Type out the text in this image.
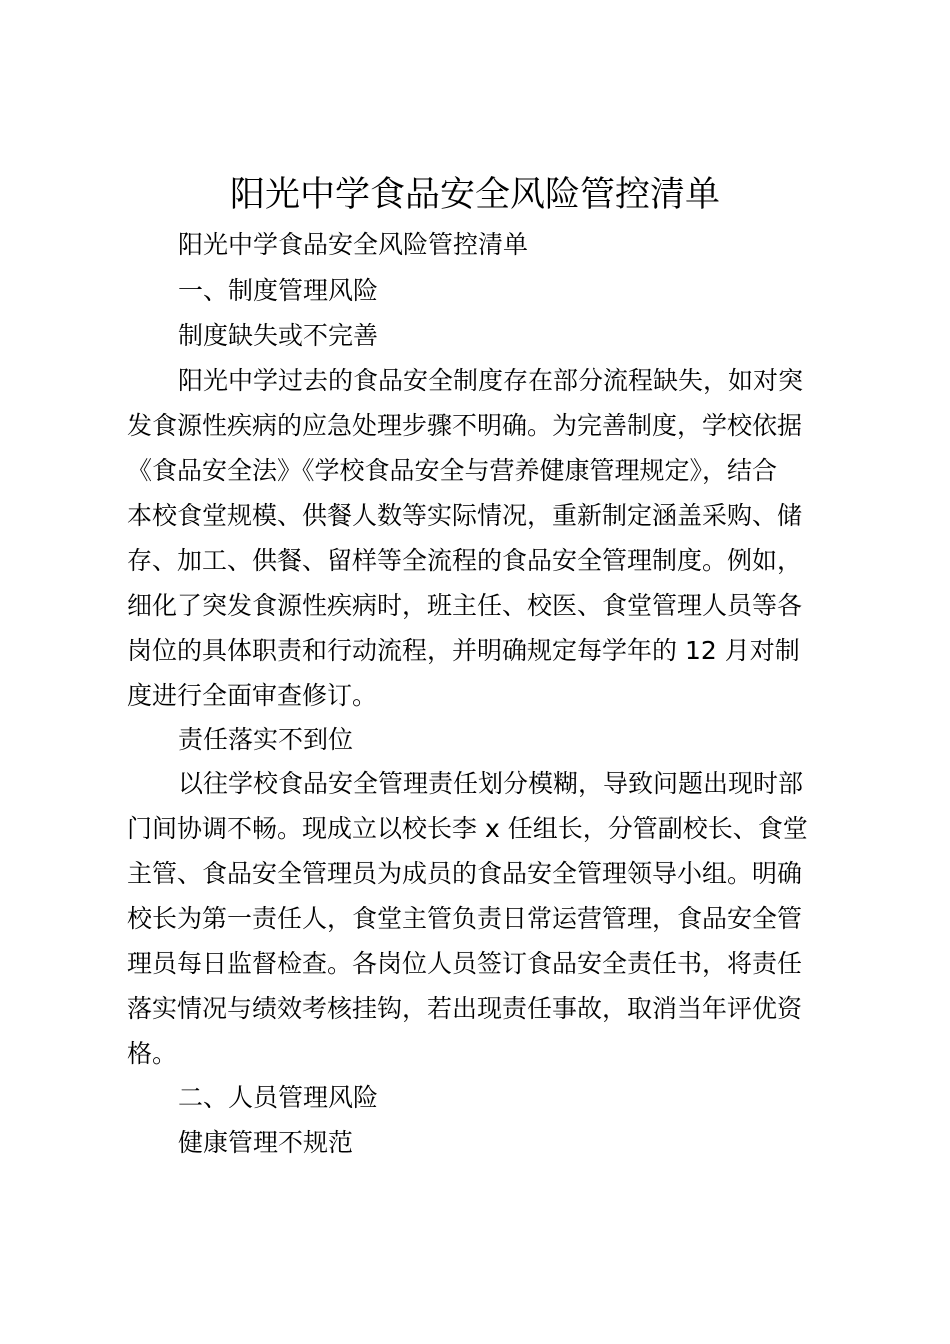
阳光中学食品安全风险管控清单
阳光中学食品安全风险管控清单
一、制度管理风险
制度缺失或不完善
阳光中学过去的食品安全制度存在部分流程缺失，如对突
发食源性疾病的应急处理步骤不明确。为完善制度，学校依据
《食品安全法》《学校食品安全与营养健康管理规定》，结合
本校食堂规模、供餐人数等实际情况，重新制定涵盖采购、储
存、加工、供餐、留样等全流程的食品安全管理制度。例如，
细化了突发食源性疾病时，班主任、校医、食堂管理人员等各
岗位的具体职责和行动流程，并明确规定每学年的 12 月对制
度进行全面审查修订。
责任落实不到位
以往学校食品安全管理责任划分模糊，导致问题出现时部
门间协调不畅。现成立以校长李 x 任组长，分管副校长、食堂
主管、食品安全管理员为成员的食品安全管理领导小组。明确
校长为第一责任人，食堂主管负责日常运营管理，食品安全管
理员每日监督检查。各岗位人员签订食品安全责任书，将责任
落实情况与绩效考核挂钩，若出现责任事故，取消当年评优资
格。
二、人员管理风险
健康管理不规范
